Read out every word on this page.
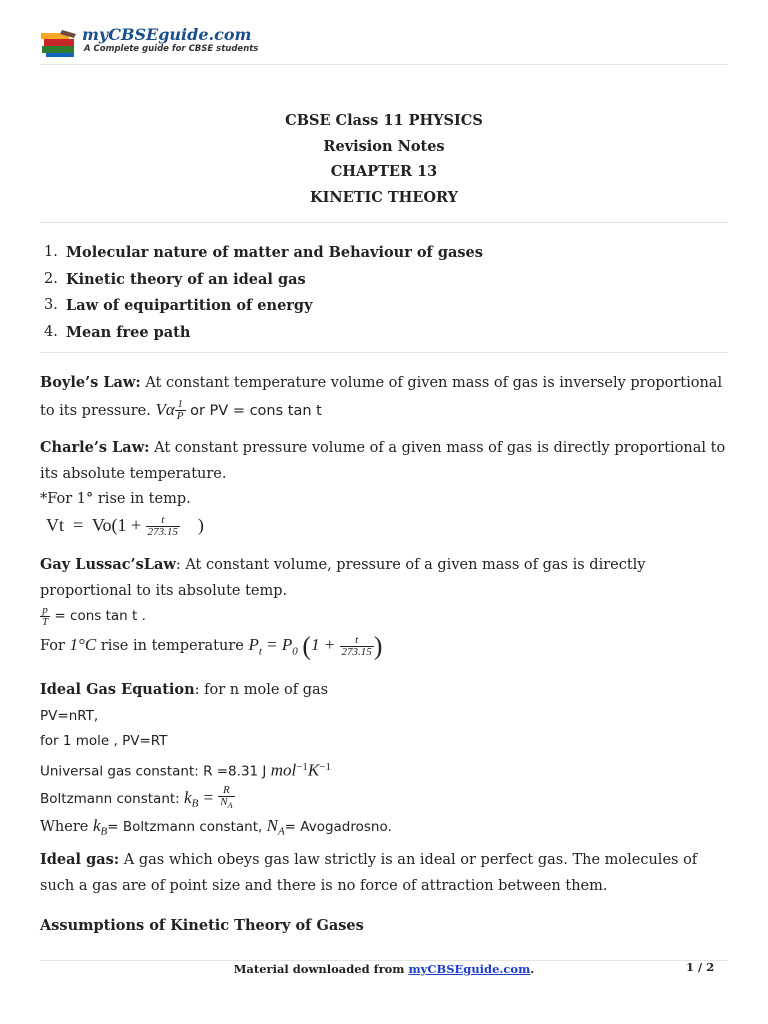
myCBSEguide.com
A Complete guide for CBSE students
CBSE Class 11 PHYSICS
Revision Notes
CHAPTER 13
KINETIC THEORY
1. Molecular nature of matter and Behaviour of gases
2. Kinetic theory of an ideal gas
3. Law of equipartition of energy
4. Mean free path
Boyle’s Law: At constant temperature volume of given mass of gas is inversely proportional to its pressure. Vα $\frac{1}{P}$ or PV = cons tan t
Charle’s Law: At constant pressure volume of a given mass of gas is directly proportional to its absolute temperature.
*For 1° rise in temp.
$Vt = Vo(1 + \frac{t}{273.15}$ )
Gay Lussac’sLaw: At constant volume, pressure of a given mass of gas is directly proportional to its absolute temp.
$\frac{p}{T}$ = cons tan t .
For 1°C rise in temperature $P_t = P_0$ ($1 + \frac{t}{273.15}$ )
Ideal Gas Equation: for n mole of gas
PV=nRT,
for 1 mole , PV=RT
Universal gas constant: R =8.31 J $mol^{-1}K^{-1}$
Boltzmann constant: $k_B = \frac{R}{N_A}$
Where $k_B=$ Boltzmann constant, $N_A=$ Avogadrosno.
Ideal gas: A gas which obeys gas law strictly is an ideal or perfect gas. The molecules of such a gas are of point size and there is no force of attraction between them.
Assumptions of Kinetic Theory of Gases
Material downloaded from myCBSEguide.com.	1 / 2
